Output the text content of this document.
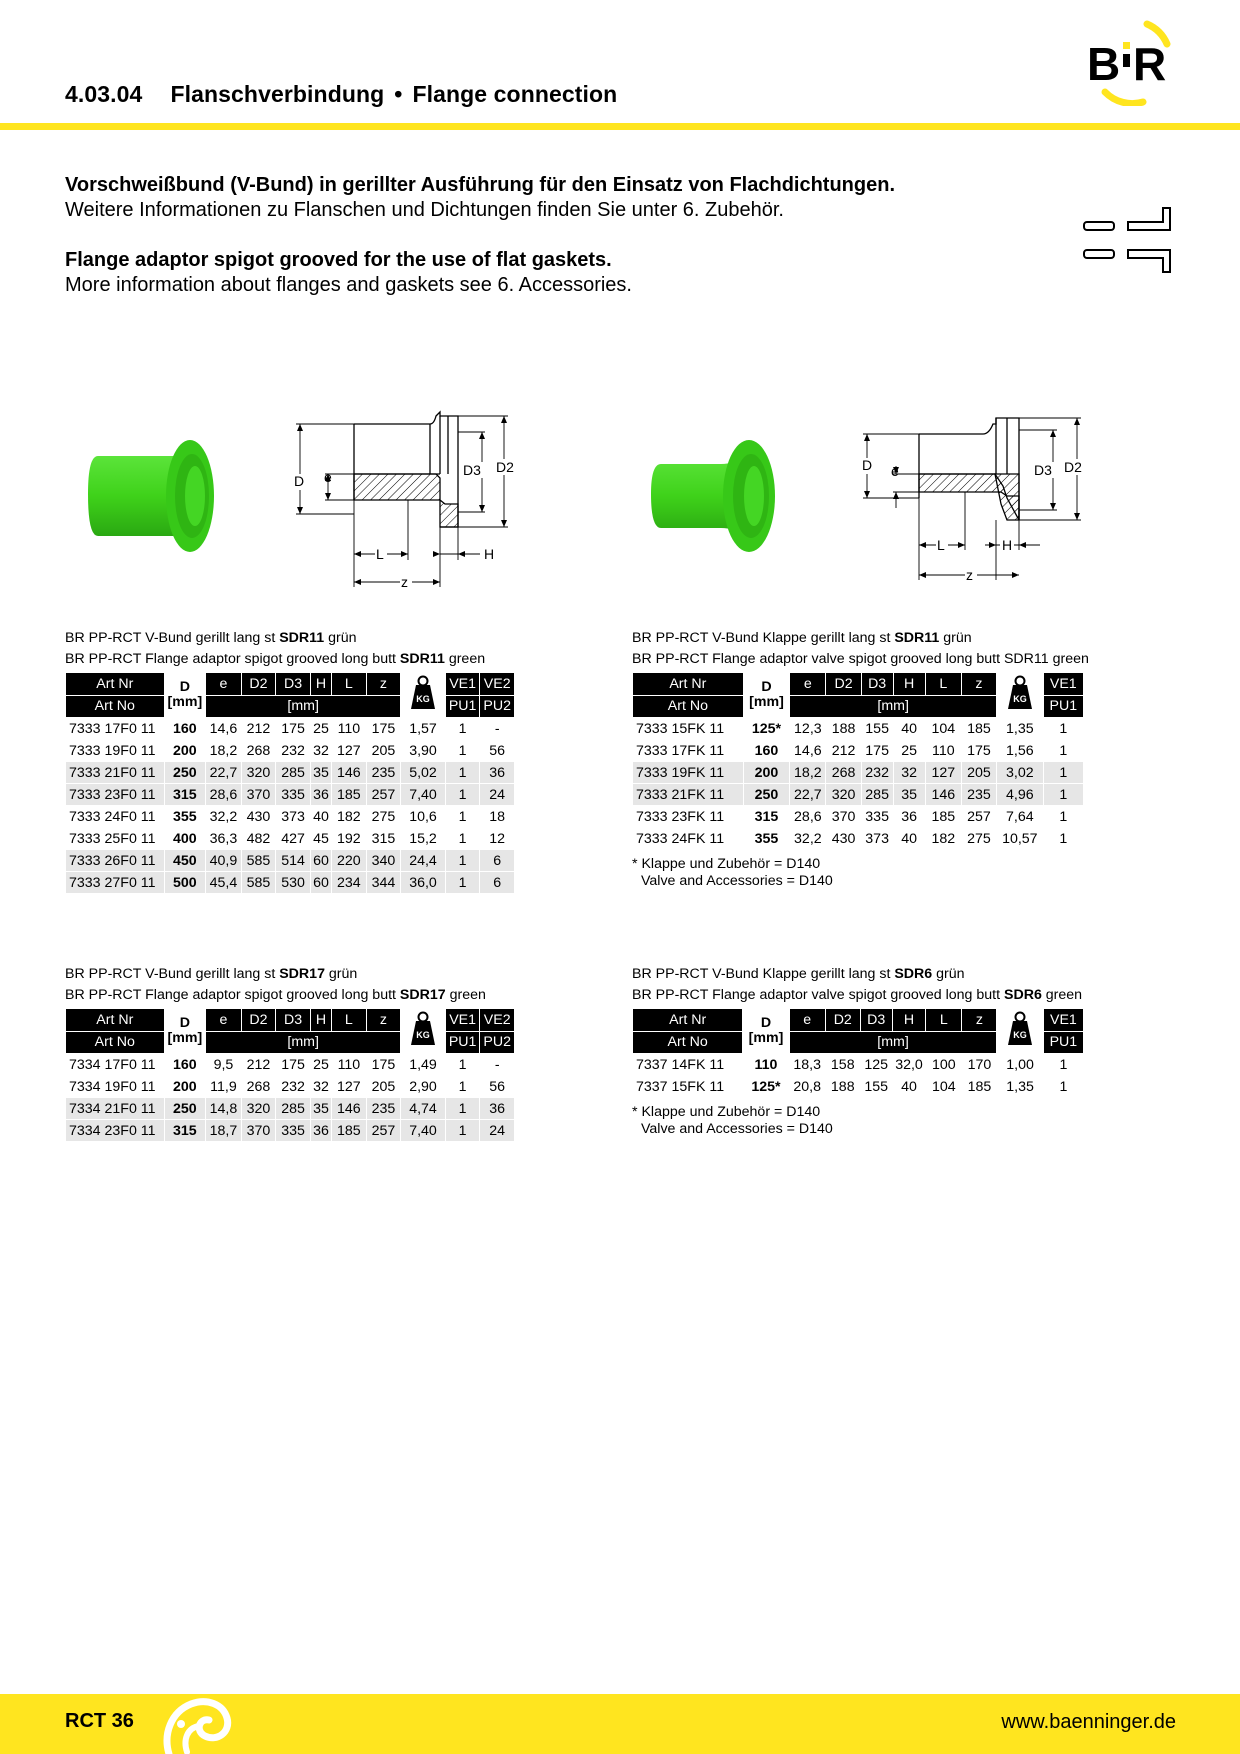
4.03.04 Flanschverbindung • Flange connection
B R
Vorschweißbund (V-Bund) in gerillter Ausführung für den Einsatz von Flachdichtungen.
Weitere Informationen zu Flanschen und Dichtungen finden Sie unter 6. Zubehör.
Flange adaptor spigot grooved for the use of flat gaskets.
More information about flanges and gaskets see 6. Accessories.
D e	D3 D2
L	H
z
D e	D3 D2
L	H
z
BR PP-RCT V-Bund gerillt lang st SDR11 grün
BR PP-RCT Flange adaptor spigot grooved long butt SDR11 green
Art Nr	D
[mm]	e	D2	D3	H	L	z	KG	VE1	VE2
Art No		[mm]							PU1	PU2
7333 17F0 11	160	14,6	212	175	25	110	175	1,57	1	-
7333 19F0 11	200	18,2	268	232	32	127	205	3,90	1	56
7333 21F0 11	250	22,7	320	285	35	146	235	5,02	1	36
7333 23F0 11	315	28,6	370	335	36	185	257	7,40	1	24
7333 24F0 11	355	32,2	430	373	40	182	275	10,6	1	18
7333 25F0 11	400	36,3	482	427	45	192	315	15,2	1	12
7333 26F0 11	450	40,9	585	514	60	220	340	24,4	1	6
7333 27F0 11	500	45,4	585	530	60	234	344	36,0	1	6
BR PP-RCT V-Bund Klappe gerillt lang st SDR11 grün
BR PP-RCT Flange adaptor valve spigot grooved long butt SDR11 green
Art Nr	D
[mm]	e	D2	D3	H	L	z	KG	VE1
Art No		[mm]							PU1
7333 15FK 11	125*	12,3	188	155	40	104	185	1,35	1
7333 17FK 11	160	14,6	212	175	25	110	175	1,56	1
7333 19FK 11	200	18,2	268	232	32	127	205	3,02	1
7333 21FK 11	250	22,7	320	285	35	146	235	4,96	1
7333 23FK 11	315	28,6	370	335	36	185	257	7,64	1
7333 24FK 11	355	32,2	430	373	40	182	275	10,57	1
* Klappe und Zubehör = D140
Valve and Accessories = D140
BR PP-RCT V-Bund gerillt lang st SDR17 grün
BR PP-RCT Flange adaptor spigot grooved long butt SDR17 green
Art Nr	D
[mm]	e	D2	D3	H	L	z	KG	VE1	VE2
Art No		[mm]							PU1	PU2
7334 17F0 11	160	9,5	212	175	25	110	175	1,49	1	-
7334 19F0 11	200	11,9	268	232	32	127	205	2,90	1	56
7334 21F0 11	250	14,8	320	285	35	146	235	4,74	1	36
7334 23F0 11	315	18,7	370	335	36	185	257	7,40	1	24
BR PP-RCT V-Bund Klappe gerillt lang st SDR6 grün
BR PP-RCT Flange adaptor valve spigot grooved long butt SDR6 green
Art Nr	D
[mm]	e	D2	D3	H	L	z	KG	VE1
Art No		[mm]							PU1
7337 14FK 11	110	18,3	158	125	32,0	100	170	1,00	1
7337 15FK 11	125*	20,8	188	155	40	104	185	1,35	1
* Klappe und Zubehör = D140
Valve and Accessories = D140
RCT 36	www.baenninger.de
